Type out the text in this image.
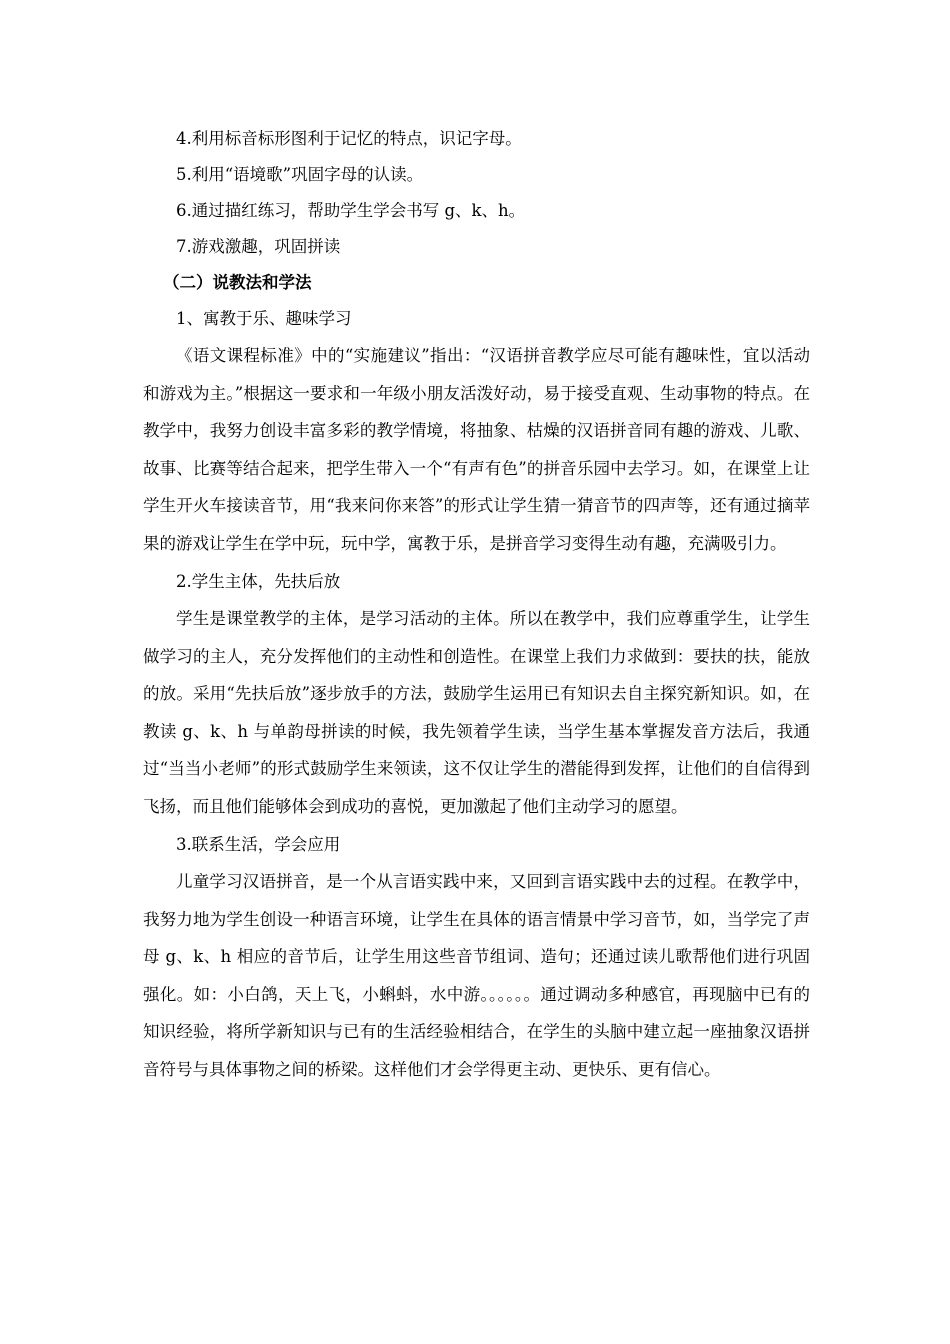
4.利用标音标形图利于记忆的特点，识记字母。
5.利用“语境歌”巩固字母的认读。
6.通过描红练习，帮助学生学会书写 g、k、h。
7.游戏激趣，巩固拼读
（二）说教法和学法
1、寓教于乐、趣味学习

《语文课程标准》中的“实施建议”指出：“汉语拼音教学应尽可能有趣味性，宜以活动和游戏为主。”根据这一要求和一年级小朋友活泼好动，易于接受直观、生动事物的特点。在教学中，我努力创设丰富多彩的教学情境，将抽象、枯燥的汉语拼音同有趣的游戏、儿歌、故事、比赛等结合起来，把学生带入一个“有声有色”的拼音乐园中去学习。如，在课堂上让学生开火车接读音节，用“我来问你来答”的形式让学生猜一猜音节的四声等，还有通过摘苹果的游戏让学生在学中玩，玩中学，寓教于乐，是拼音学习变得生动有趣，充满吸引力。

2.学生主体，先扶后放

学生是课堂教学的主体，是学习活动的主体。所以在教学中，我们应尊重学生，让学生做学习的主人，充分发挥他们的主动性和创造性。在课堂上我们力求做到：要扶的扶，能放的放。采用“先扶后放”逐步放手的方法，鼓励学生运用已有知识去自主探究新知识。如，在教读 g、k、h 与单韵母拼读的时候，我先领着学生读，当学生基本掌握发音方法后，我通过“当当小老师”的形式鼓励学生来领读，这不仅让学生的潜能得到发挥，让他们的自信得到飞扬，而且他们能够体会到成功的喜悦，更加激起了他们主动学习的愿望。

3.联系生活，学会应用

儿童学习汉语拼音，是一个从言语实践中来，又回到言语实践中去的过程。在教学中，我努力地为学生创设一种语言环境，让学生在具体的语言情景中学习音节，如，当学完了声母 g、k、h 相应的音节后，让学生用这些音节组词、造句；还通过读儿歌帮他们进行巩固强化。如：小白鸽，天上飞，小蝌蚪，水中游。。。。。。通过调动多种感官，再现脑中已有的知识经验，将所学新知识与已有的生活经验相结合，在学生的头脑中建立起一座抽象汉语拼音符号与具体事物之间的桥梁。这样他们才会学得更主动、更快乐、更有信心。
